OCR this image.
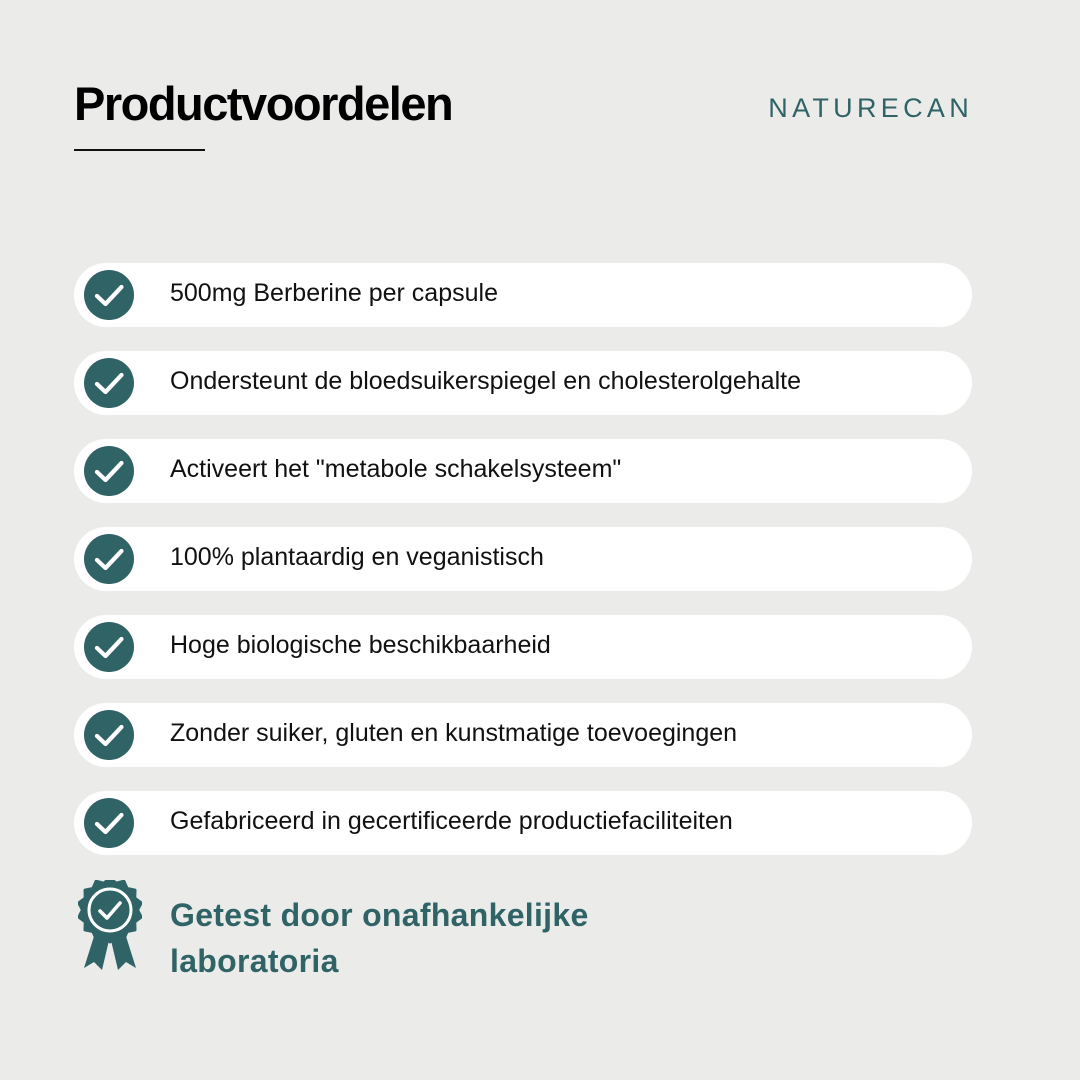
Productvoordelen	NATURECAN
500mg Berberine per capsule
Ondersteunt de bloedsuikerspiegel en cholesterolgehalte
Activeert het "metabole schakelsysteem"
100% plantaardig en veganistisch
Hoge biologische beschikbaarheid
Zonder suiker, gluten en kunstmatige toevoegingen
Gefabriceerd in gecertificeerde productiefaciliteiten

Getest door onafhankelijke
laboratoria
